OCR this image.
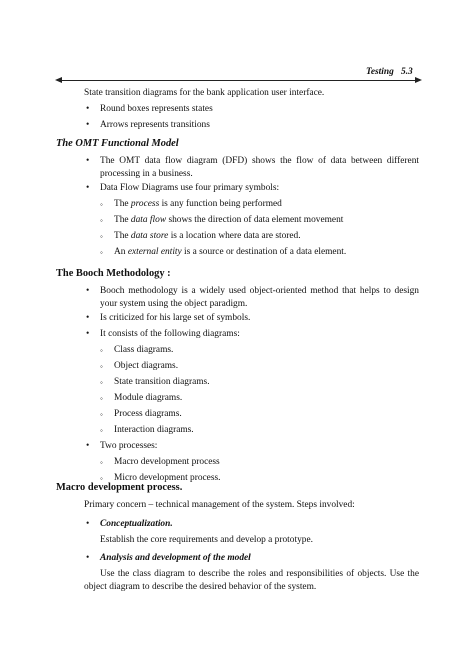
Testing 5.3
State transition diagrams for the bank application user interface.
• Round boxes represents states
• Arrows represents transitions
The OMT Functional Model
• The OMT data flow diagram (DFD) shows the flow of data between different processing in a business.
• Data Flow Diagrams use four primary symbols:
◦ The process is any function being performed
◦ The data flow shows the direction of data element movement
◦ The data store is a location where data are stored.
◦ An external entity is a source or destination of a data element.
The Booch Methodology :
• Booch methodology is a widely used object-oriented method that helps to design your system using the object paradigm.
• Is criticized for his large set of symbols.
• It consists of the following diagrams:
◦ Class diagrams.
◦ Object diagrams.
◦ State transition diagrams.
◦ Module diagrams.
◦ Process diagrams.
◦ Interaction diagrams.
• Two processes:
◦ Macro development process
◦ Micro development process.
Macro development process.
Primary concern – technical management of the system. Steps involved:
• Conceptualization.
Establish the core requirements and develop a prototype.
• Analysis and development of the model
Use the class diagram to describe the roles and responsibilities of objects. Use the object diagram to describe the desired behavior of the system.
